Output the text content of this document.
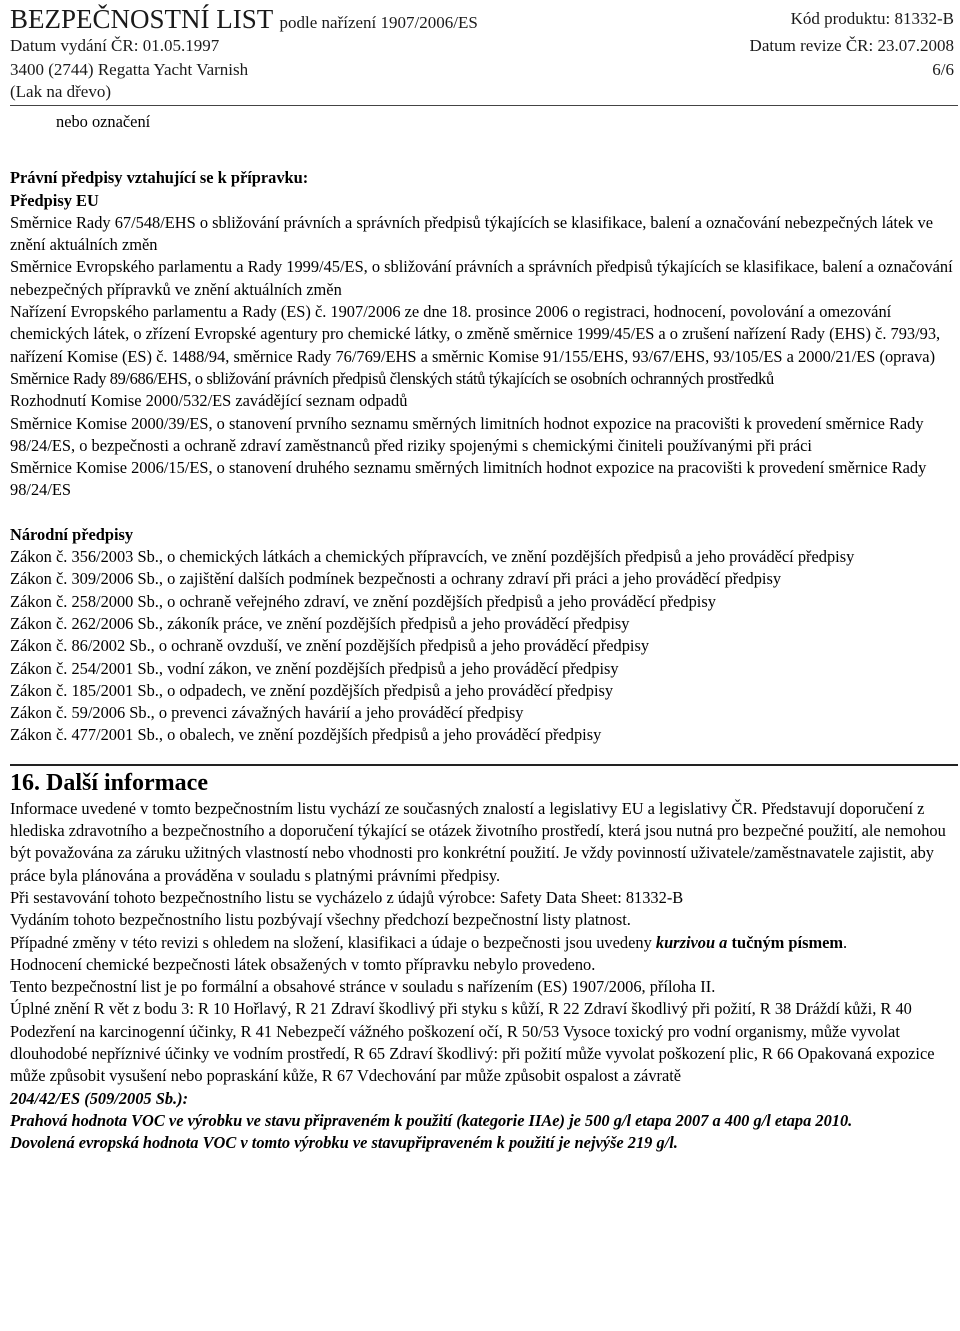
BEZPEČNOSTNÍ LIST podle nařízení 1907/2006/ES	Kód produktu: 81332-B
Datum vydání ČR: 01.05.1997	Datum revize ČR: 23.07.2008
3400 (2744) Regatta Yacht Varnish	6/6
(Lak na dřevo)

nebo označení

Právní předpisy vztahující se k přípravku:

Předpisy EU

Směrnice Rady 67/548/EHS o sbližování právních a správních předpisů týkajících se klasifikace, balení a označování nebezpečných látek ve znění aktuálních změn

Směrnice Evropského parlamentu a Rady 1999/45/ES, o sbližování právních a správních předpisů týkajících se klasifikace, balení a označování nebezpečných přípravků ve znění aktuálních změn

Nařízení Evropského parlamentu a Rady (ES) č. 1907/2006 ze dne 18. prosince 2006 o registraci, hodnocení, povolování a omezování chemických látek, o zřízení Evropské agentury pro chemické látky, o změně směrnice 1999/45/ES a o zrušení nařízení Rady (EHS) č. 793/93, nařízení Komise (ES) č. 1488/94, směrnice Rady 76/769/EHS a směrnic Komise 91/155/EHS, 93/67/EHS, 93/105/ES a 2000/21/ES (oprava)

Směrnice Rady 89/686/EHS, o sbližování právních předpisů členských států týkajících se osobních ochranných prostředků

Rozhodnutí Komise 2000/532/ES zavádějící seznam odpadů

Směrnice Komise 2000/39/ES, o stanovení prvního seznamu směrných limitních hodnot expozice na pracovišti k provedení směrnice Rady 98/24/ES, o bezpečnosti a ochraně zdraví zaměstnanců před riziky spojenými s chemickými činiteli používanými při práci

Směrnice Komise 2006/15/ES, o stanovení druhého seznamu směrných limitních hodnot expozice na pracovišti k provedení směrnice Rady 98/24/ES

Národní předpisy

Zákon č. 356/2003 Sb., o chemických látkách a chemických přípravcích, ve znění pozdějších předpisů a jeho prováděcí předpisy

Zákon č. 309/2006 Sb., o zajištění dalších podmínek bezpečnosti a ochrany zdraví při práci a jeho prováděcí předpisy

Zákon č. 258/2000 Sb., o ochraně veřejného zdraví, ve znění pozdějších předpisů a jeho prováděcí předpisy

Zákon č. 262/2006 Sb., zákoník práce, ve znění pozdějších předpisů a jeho prováděcí předpisy

Zákon č. 86/2002 Sb., o ochraně ovzduší, ve znění pozdějších předpisů a jeho prováděcí předpisy

Zákon č. 254/2001 Sb., vodní zákon, ve znění pozdějších předpisů a jeho prováděcí předpisy

Zákon č. 185/2001 Sb., o odpadech, ve znění pozdějších předpisů a jeho prováděcí předpisy

Zákon č. 59/2006 Sb., o prevenci závažných havárií a jeho prováděcí předpisy

Zákon č. 477/2001 Sb., o obalech, ve znění pozdějších předpisů a jeho prováděcí předpisy

16. Další informace

Informace uvedené v tomto bezpečnostním listu vychází ze současných znalostí a legislativy EU a legislativy ČR. Představují doporučení z hlediska zdravotního a bezpečnostního a doporučení týkající se otázek životního prostředí, která jsou nutná pro bezpečné použití, ale nemohou být považována za záruku užitných vlastností nebo vhodnosti pro konkrétní použití. Je vždy povinností uživatele/zaměstnavatele zajistit, aby práce byla plánována a prováděna v souladu s platnými právními předpisy.

Při sestavování tohoto bezpečnostního listu se vycházelo z údajů výrobce: Safety Data Sheet: 81332-B

Vydáním tohoto bezpečnostního listu pozbývají všechny předchozí bezpečnostní listy platnost.

Případné změny v této revizi s ohledem na složení, klasifikaci a údaje o bezpečnosti jsou uvedeny kurzivou a tučným písmem.

Hodnocení chemické bezpečnosti látek obsažených v tomto přípravku nebylo provedeno.

Tento bezpečnostní list je po formální a obsahové stránce v souladu s nařízením (ES) 1907/2006, příloha II.

Úplné znění R vět z bodu 3: R 10 Hořlavý, R 21 Zdraví škodlivý při styku s kůží, R 22 Zdraví škodlivý při požití, R 38 Dráždí kůži, R 40 Podezření na karcinogenní účinky, R 41 Nebezpečí vážného poškození očí, R 50/53 Vysoce toxický pro vodní organismy, může vyvolat dlouhodobé nepříznivé účinky ve vodním prostředí, R 65 Zdraví škodlivý: při požití může vyvolat poškození plic, R 66 Opakovaná expozice může způsobit vysušení nebo popraskání kůže, R 67 Vdechování par může způsobit ospalost a závratě

204/42/ES (509/2005 Sb.):

Prahová hodnota VOC ve výrobku ve stavu připraveném k použití (kategorie IIAe) je 500 g/l etapa 2007 a 400 g/l etapa 2010.

Dovolená evropská hodnota VOC v tomto výrobku ve stavupřipraveném k použití je nejvýše 219 g/l.
